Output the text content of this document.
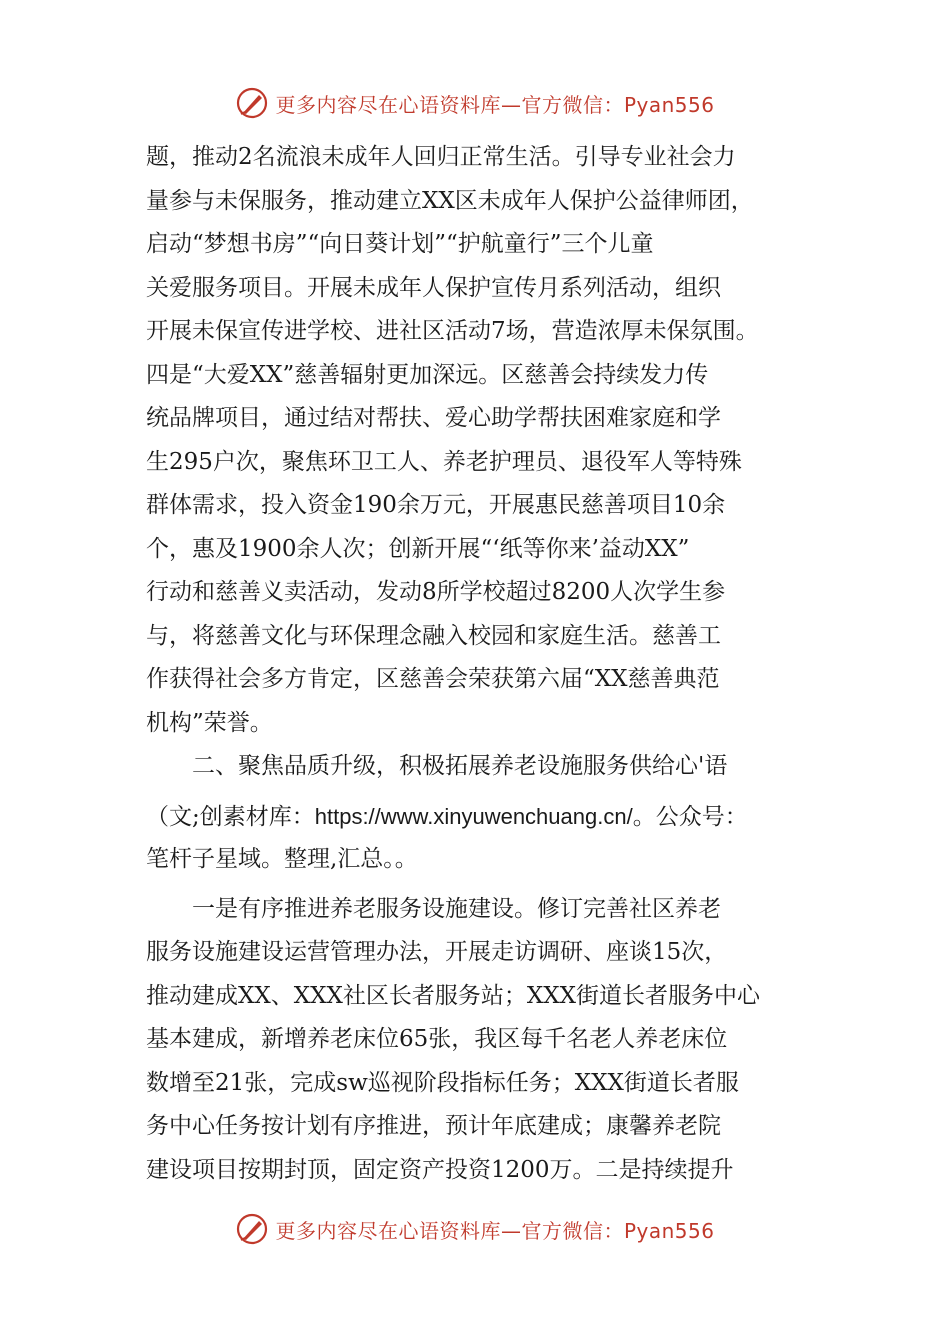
更多内容尽在心语资料库—官方微信：Pyan556
题，推动2名流浪未成年人回归正常生活。引导专业社会力
量参与未保服务，推动建立XX区未成年人保护公益律师团，
启动“梦想书房”“向日葵计划”“护航童行”三个儿童
关爱服务项目。开展未成年人保护宣传月系列活动，组织
开展未保宣传进学校、进社区活动7场，营造浓厚未保氛围。
四是“大爱XX”慈善辐射更加深远。区慈善会持续发力传
统品牌项目，通过结对帮扶、爱心助学帮扶困难家庭和学
生295户次，聚焦环卫工人、养老护理员、退役军人等特殊
群体需求，投入资金190余万元，开展惠民慈善项目10余
个，惠及1900余人次；创新开展“‘纸等你来’益动XX”
行动和慈善义卖活动，发动8所学校超过8200人次学生参
与，将慈善文化与环保理念融入校园和家庭生活。慈善工
作获得社会多方肯定，区慈善会荣获第六届“XX慈善典范
机构”荣誉。
二、聚焦品质升级，积极拓展养老设施服务供给心'语
（文;创素材库：https://www.xinyuwenchuang.cn/。公众号：
笔杆子星域。整理,汇总。。
一是有序推进养老服务设施建设。修订完善社区养老
服务设施建设运营管理办法，开展走访调研、座谈15次，
推动建成XX、XXX社区长者服务站；XXX街道长者服务中心
基本建成，新增养老床位65张，我区每千名老人养老床位
数增至21张，完成sw巡视阶段指标任务；XXX街道长者服
务中心任务按计划有序推进，预计年底建成；康馨养老院
建设项目按期封顶，固定资产投资1200万。二是持续提升
更多内容尽在心语资料库—官方微信：Pyan556
